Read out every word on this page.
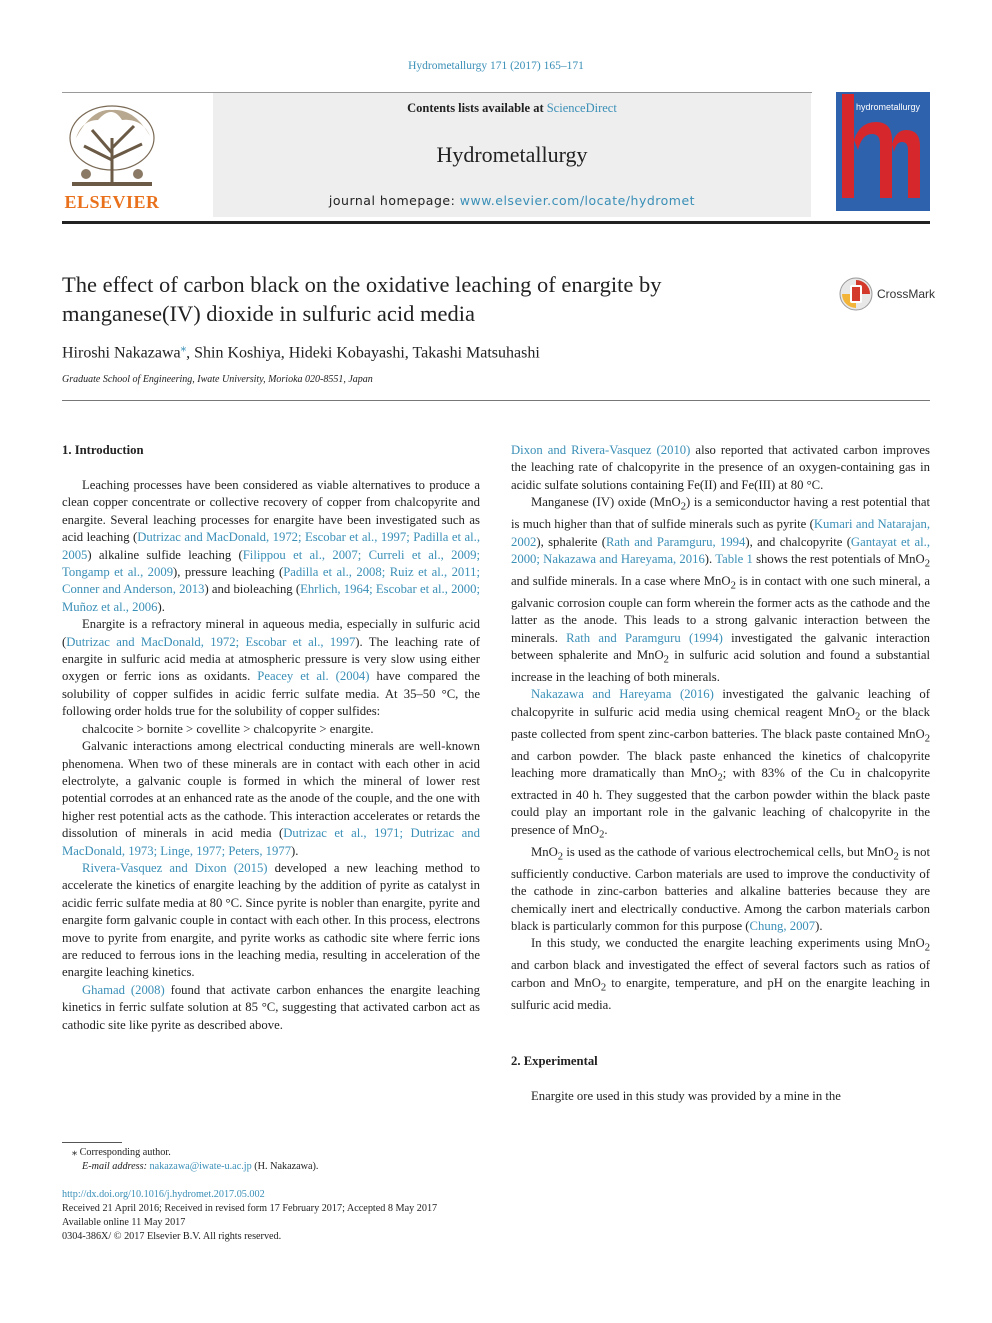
Hydrometallurgy 171 (2017) 165–171
Contents lists available at ScienceDirect
Hydrometallurgy
journal homepage: www.elsevier.com/locate/hydromet
ELSEVIER
hydrometallurgy
The effect of carbon black on the oxidative leaching of enargite by
manganese(IV) dioxide in sulfuric acid media
CrossMark
Hiroshi Nakazawa⁎, Shin Koshiya, Hideki Kobayashi, Takashi Matsuhashi
Graduate School of Engineering, Iwate University, Morioka 020-8551, Japan
1. Introduction

Leaching processes have been considered as viable alternatives to produce a clean copper concentrate or collective recovery of copper from chalcopyrite and enargite. Several leaching processes for enargite have been investigated such as acid leaching (Dutrizac and MacDonald, 1972; Escobar et al., 1997; Padilla et al., 2005) alkaline sulfide leaching (Filippou et al., 2007; Curreli et al., 2009; Tongamp et al., 2009), pressure leaching (Padilla et al., 2008; Ruiz et al., 2011; Conner and Anderson, 2013) and bioleaching (Ehrlich, 1964; Escobar et al., 2000; Muñoz et al., 2006).

Enargite is a refractory mineral in aqueous media, especially in sulfuric acid (Dutrizac and MacDonald, 1972; Escobar et al., 1997). The leaching rate of enargite in sulfuric acid media at atmospheric pressure is very slow using either oxygen or ferric ions as oxidants. Peacey et al. (2004) have compared the solubility of copper sulfides in acidic ferric sulfate media. At 35–50 °C, the following order holds true for the solubility of copper sulfides:

chalcocite > bornite > covellite > chalcopyrite > enargite.

Galvanic interactions among electrical conducting minerals are well-known phenomena. When two of these minerals are in contact with each other in acid electrolyte, a galvanic couple is formed in which the mineral of lower rest potential corrodes at an enhanced rate as the anode of the couple, and the one with higher rest potential acts as the cathode. This interaction accelerates or retards the dissolution of minerals in acid media (Dutrizac et al., 1971; Dutrizac and MacDonald, 1973; Linge, 1977; Peters, 1977).

Rivera-Vasquez and Dixon (2015) developed a new leaching method to accelerate the kinetics of enargite leaching by the addition of pyrite as catalyst in acidic ferric sulfate media at 80 °C. Since pyrite is nobler than enargite, pyrite and enargite form galvanic couple in contact with each other. In this process, electrons move to pyrite from enargite, and pyrite works as cathodic site where ferric ions are reduced to ferrous ions in the leaching media, resulting in acceleration of the enargite leaching kinetics.

Ghamad (2008) found that activate carbon enhances the enargite leaching kinetics in ferric sulfate solution at 85 °C, suggesting that activated carbon act as cathodic site like pyrite as described above.

Dixon and Rivera-Vasquez (2010) also reported that activated carbon improves the leaching rate of chalcopyrite in the presence of an oxygen-containing gas in acidic sulfate solutions containing Fe(II) and Fe(III) at 80 °C.

Manganese (IV) oxide (MnO$_2$) is a semiconductor having a rest potential that is much higher than that of sulfide minerals such as pyrite (Kumari and Natarajan, 2002), sphalerite (Rath and Paramguru, 1994), and chalcopyrite (Gantayat et al., 2000; Nakazawa and Hareyama, 2016). Table 1 shows the rest potentials of MnO$_2$ and sulfide minerals. In a case where MnO$_2$ is in contact with one such mineral, a galvanic corrosion couple can form wherein the former acts as the cathode and the latter as the anode. This leads to a strong galvanic interaction between the minerals. Rath and Paramguru (1994) investigated the galvanic interaction between sphalerite and MnO$_2$ in sulfuric acid solution and found a substantial increase in the leaching of both minerals.

Nakazawa and Hareyama (2016) investigated the galvanic leaching of chalcopyrite in sulfuric acid media using chemical reagent MnO$_2$ or the black paste collected from spent zinc-carbon batteries. The black paste contained MnO$_2$ and carbon powder. The black paste enhanced the kinetics of chalcopyrite leaching more dramatically than MnO$_2$; with 83% of the Cu in chalcopyrite extracted in 40 h. They suggested that the carbon powder within the black paste could play an important role in the galvanic leaching of chalcopyrite in the presence of MnO$_2$.

MnO$_2$ is used as the cathode of various electrochemical cells, but MnO$_2$ is not sufficiently conductive. Carbon materials are used to improve the conductivity of the cathode in zinc-carbon batteries and alkaline batteries because they are chemically inert and electrically conductive. Among the carbon materials carbon black is particularly common for this purpose (Chung, 2007).

In this study, we conducted the enargite leaching experiments using MnO$_2$ and carbon black and investigated the effect of several factors such as ratios of carbon and MnO$_2$ to enargite, temperature, and pH on the enargite leaching in sulfuric acid media.

2. Experimental

Enargite ore used in this study was provided by a mine in the

⁎ Corresponding author.
E-mail address: nakazawa@iwate-u.ac.jp (H. Nakazawa).
http://dx.doi.org/10.1016/j.hydromet.2017.05.002
Received 21 April 2016; Received in revised form 17 February 2017; Accepted 8 May 2017
Available online 11 May 2017
0304-386X/ © 2017 Elsevier B.V. All rights reserved.
